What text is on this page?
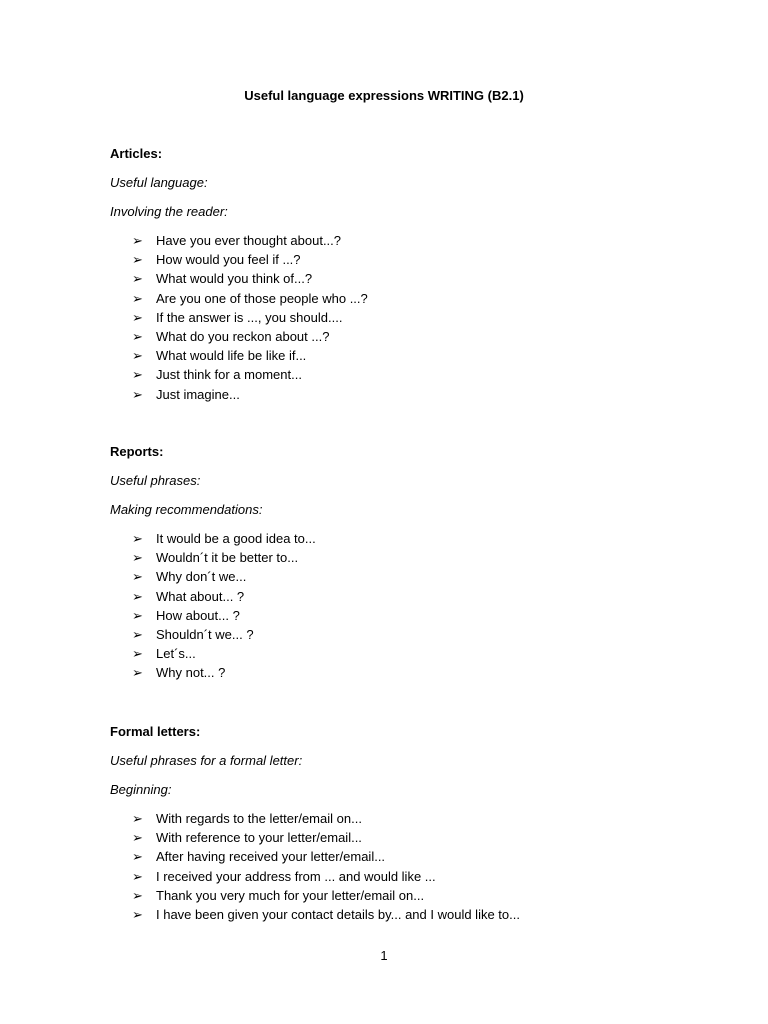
Useful language expressions WRITING (B2.1)
Articles:
Useful language:
Involving the reader:
➢ Have you ever thought about...?
➢ How would you feel if ...?
➢ What would you think of...?
➢ Are you one of those people who ...?
➢ If the answer is ..., you should....
➢ What do you reckon about ...?
➢ What would life be like if...
➢ Just think for a moment...
➢ Just imagine...
Reports:
Useful phrases:
Making recommendations:
➢ It would be a good idea to...
➢ Wouldn´t it be better to...
➢ Why don´t we...
➢ What about... ?
➢ How about... ?
➢ Shouldn´t we... ?
➢ Let´s...
➢ Why not... ?
Formal letters:
Useful phrases for a formal letter:
Beginning:
➢ With regards to the letter/email on...
➢ With reference to your letter/email...
➢ After having received your letter/email...
➢ I received your address from ... and would like ...
➢ Thank you very much for your letter/email on...
➢ I have been given your contact details by... and I would like to...
1
